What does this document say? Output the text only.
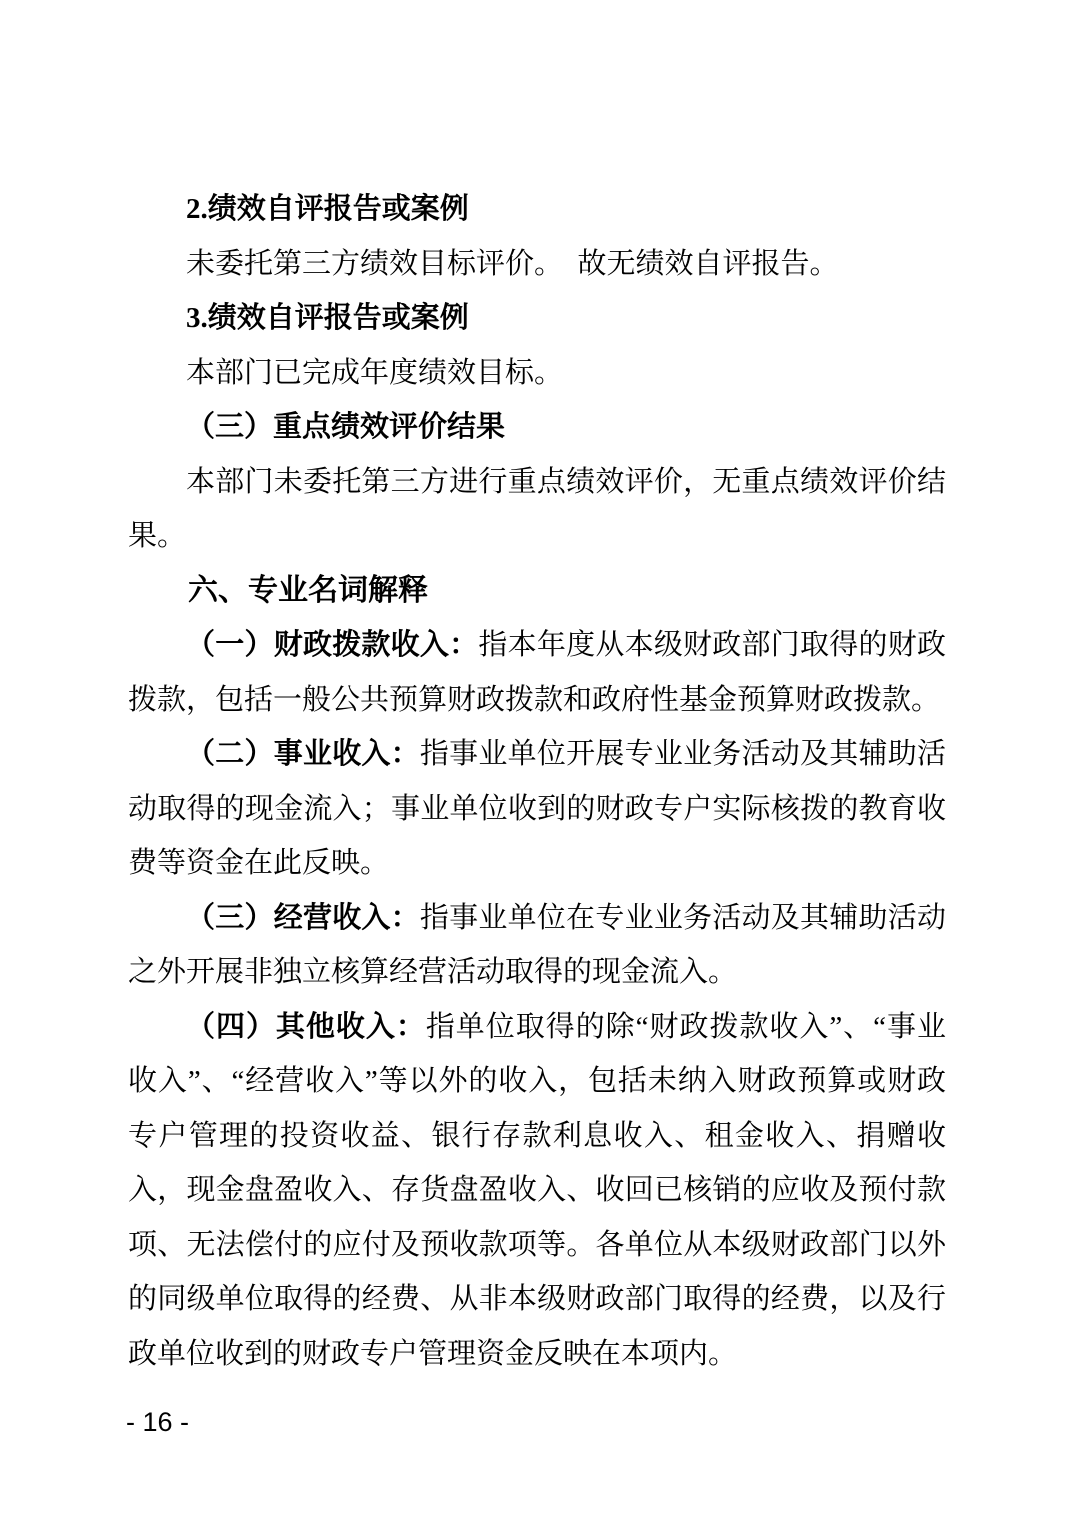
2.绩效自评报告或案例

未委托第三方绩效目标评价。　故无绩效自评报告。

3.绩效自评报告或案例

本部门已完成年度绩效目标。

（三）重点绩效评价结果

本部门未委托第三方进行重点绩效评价，无重点绩效评价结果。

六、专业名词解释

（一）财政拨款收入：指本年度从本级财政部门取得的财政拨款，包括一般公共预算财政拨款和政府性基金预算财政拨款。

（二）事业收入：指事业单位开展专业业务活动及其辅助活动取得的现金流入；事业单位收到的财政专户实际核拨的教育收费等资金在此反映。

（三）经营收入：指事业单位在专业业务活动及其辅助活动之外开展非独立核算经营活动取得的现金流入。

（四）其他收入：指单位取得的除“财政拨款收入”、“事业收入”、“经营收入”等以外的收入，包括未纳入财政预算或财政专户管理的投资收益、银行存款利息收入、租金收入、捐赠收入，现金盘盈收入、存货盘盈收入、收回已核销的应收及预付款项、无法偿付的应付及预收款项等。各单位从本级财政部门以外的同级单位取得的经费、从非本级财政部门取得的经费，以及行政单位收到的财政专户管理资金反映在本项内。

- 16 -
